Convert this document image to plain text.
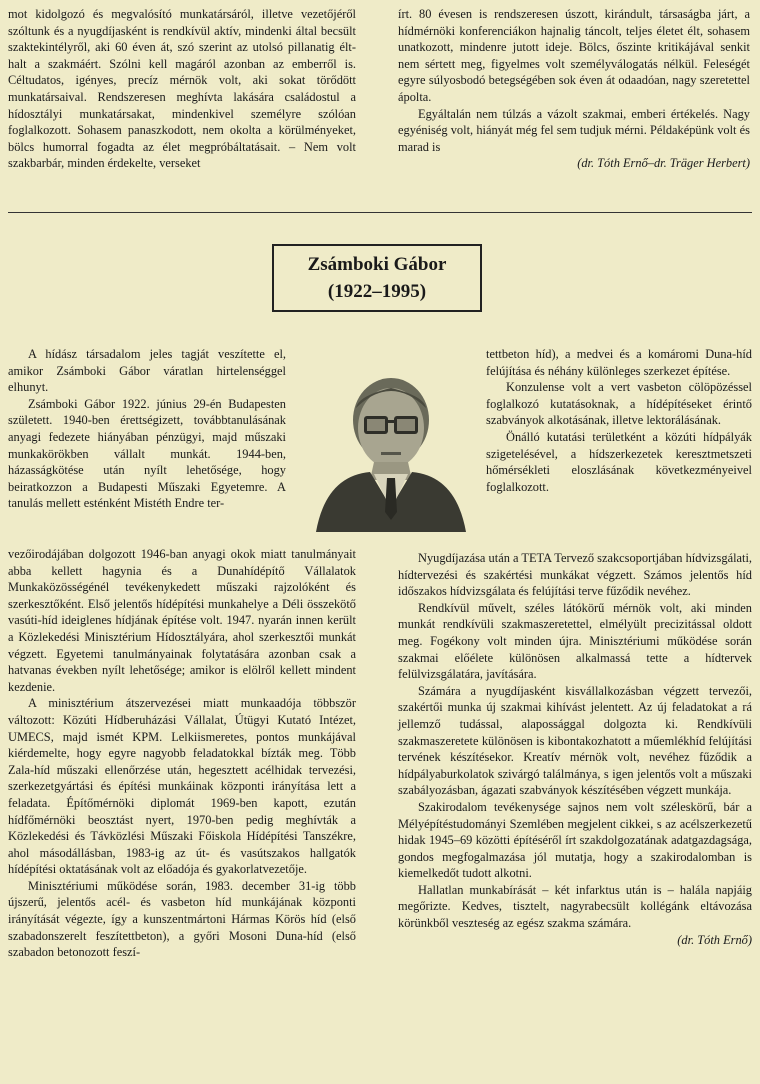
mot kidolgozó és megvalósító munkatársáról, illetve vezetőjéről szóltunk és a nyugdíjasként is rendkívül aktív, mindenki által becsült szaktekintélyről, aki 60 éven át, szó szerint az utolsó pillanatig élt-halt a szakmáért. Szólni kell magáról azonban az emberről is. Céltudatos, igényes, precíz mérnök volt, aki sokat törődött munkatársaival. Rendszeresen meghívta lakására családostul a hídosztályi munkatársakat, mindenkivel személyre szólóan foglalkozott. Sohasem panaszkodott, nem okolta a körülményeket, bölcs humorral fogadta az élet megpróbáltatásait. – Nem volt szakbarbár, minden érdekelte, verseket

írt. 80 évesen is rendszeresen úszott, kirándult, társaságba járt, a hídmérnöki konferenciákon hajnalig táncolt, teljes életet élt, sohasem unatkozott, mindenre jutott ideje. Bölcs, őszinte kritikájával senkit nem sértett meg, figyelmes volt személyválogatás nélkül. Feleségét egyre súlyosbodó betegségében sok éven át odaadóan, nagy szeretettel ápolta.

Egyáltalán nem túlzás a vázolt szakmai, emberi értékelés. Nagy egyéniség volt, hiányát még fel sem tudjuk mérni. Példaképünk volt és marad is

(dr. Tóth Ernő–dr. Träger Herbert)

Zsámboki Gábor
(1922–1995)

A hídász társadalom jeles tagját veszítette el, amikor Zsámboki Gábor váratlan hirtelenséggel elhunyt.

Zsámboki Gábor 1922. június 29-én Budapesten született. 1940-ben érettségizett, továbbtanulásának anyagi fedezete hiányában pénzügyi, majd műszaki munkakörökben vállalt munkát. 1944-ben, házasságkötése után nyílt lehetősége, hogy beiratkozzon a Budapesti Műszaki Egyetemre. A tanulás mellett esténként Mistéth Endre ter-

vezőirodájában dolgozott 1946-ban anyagi okok miatt tanulmányait abba kellett hagynia és a Dunahídépítő Vállalatok Munkaközösségénél tevékenykedett műszaki rajzolóként és szerkesztőként. Első jelentős hídépítési munkahelye a Déli összekötő vasúti-híd ideiglenes hídjának építése volt. 1947. nyarán innen került a Közlekedési Minisztérium Hídosztályára, ahol szerkesztői munkát végzett. Egyetemi tanulmányainak folytatására azonban csak a hatvanas években nyílt lehetősége; amikor is elölről kellett mindent kezdenie.

A minisztérium átszervezései miatt munkaadója többször változott: Közúti Hídberuházási Vállalat, Útügyi Kutató Intézet, UMECS, majd ismét KPM. Lelkiismeretes, pontos munkájával kiérdemelte, hogy egyre nagyobb feladatokkal bízták meg. Több Zala-híd műszaki ellenőrzése után, hegesztett acélhidak tervezési, szerkezetgyártási és építési munkáinak központi irányítása lett a feladata. Építőmérnöki diplomát 1969-ben kapott, ezután hídfőmérnöki beosztást nyert, 1970-ben pedig meghívták a Közlekedési és Távközlési Műszaki Főiskola Hídépítési Tanszékre, ahol másodállásban, 1983-ig az út- és vasútszakos hallgatók hídépítési oktatásának volt az előadója és gyakorlatvezetője.

Minisztériumi működése során, 1983. december 31-ig több újszerű, jelentős acél- és vasbeton híd munkájának központi irányítását végezte, így a kunszentmártoni Hármas Körös híd (első szabadonszerelt feszítettbeton), a győri Mosoni Duna-híd (első szabadon betonozott feszí-

tettbeton híd), a medvei és a komáromi Duna-híd felújítása és néhány különleges szerkezet építése.

Konzulense volt a vert vasbeton cölöpözéssel foglalkozó kutatásoknak, a hídépítéseket érintő szabványok alkotásának, illetve lektorálásának.

Önálló kutatási területként a közúti hídpályák szigetelésével, a hídszerkezetek keresztmetszeti hőmérsékleti eloszlásának következményeivel foglalkozott.

Nyugdíjazása után a TETA Tervező szakcsoportjában hídvizsgálati, hídtervezési és szakértési munkákat végzett. Számos jelentős híd időszakos hídvizsgálata és felújítási terve fűződik nevéhez.

Rendkívül művelt, széles látókörű mérnök volt, aki minden munkát rendkívüli szakmaszeretettel, elmélyült precizitással oldott meg. Fogékony volt minden újra. Minisztériumi működése során szakmai előélete különösen alkalmassá tette a hídtervek felülvizsgálatára, javítására.

Számára a nyugdíjasként kisvállalkozásban végzett tervezői, szakértői munka új szakmai kihívást jelentett. Az új feladatokat a rá jellemző tudással, alapossággal dolgozta ki. Rendkívüli szakmaszeretete különösen is kibontakozhatott a műemlékhíd felújítási tervének készítésekor. Kreatív mérnök volt, nevéhez fűződik a hídpályaburkolatok szivárgó találmánya, s igen jelentős volt a műszaki szabályozásban, ágazati szabványok készítésében végzett munkája.

Szakirodalom tevékenysége sajnos nem volt széleskörű, bár a Mélyépítéstudományi Szemlében megjelent cikkei, s az acélszerkezetű hidak 1945–69 közötti építéséről írt szakdolgozatának adatgazdagsága, gondos megfogalmazása jól mutatja, hogy a szakirodalomban is kiemelkedőt tudott alkotni.

Hallatlan munkabírását – két infarktus után is – halála napjáig megőrizte. Kedves, tisztelt, nagyrabecsült kollégánk eltávozása körünkből veszteség az egész szakma számára.

(dr. Tóth Ernő)
